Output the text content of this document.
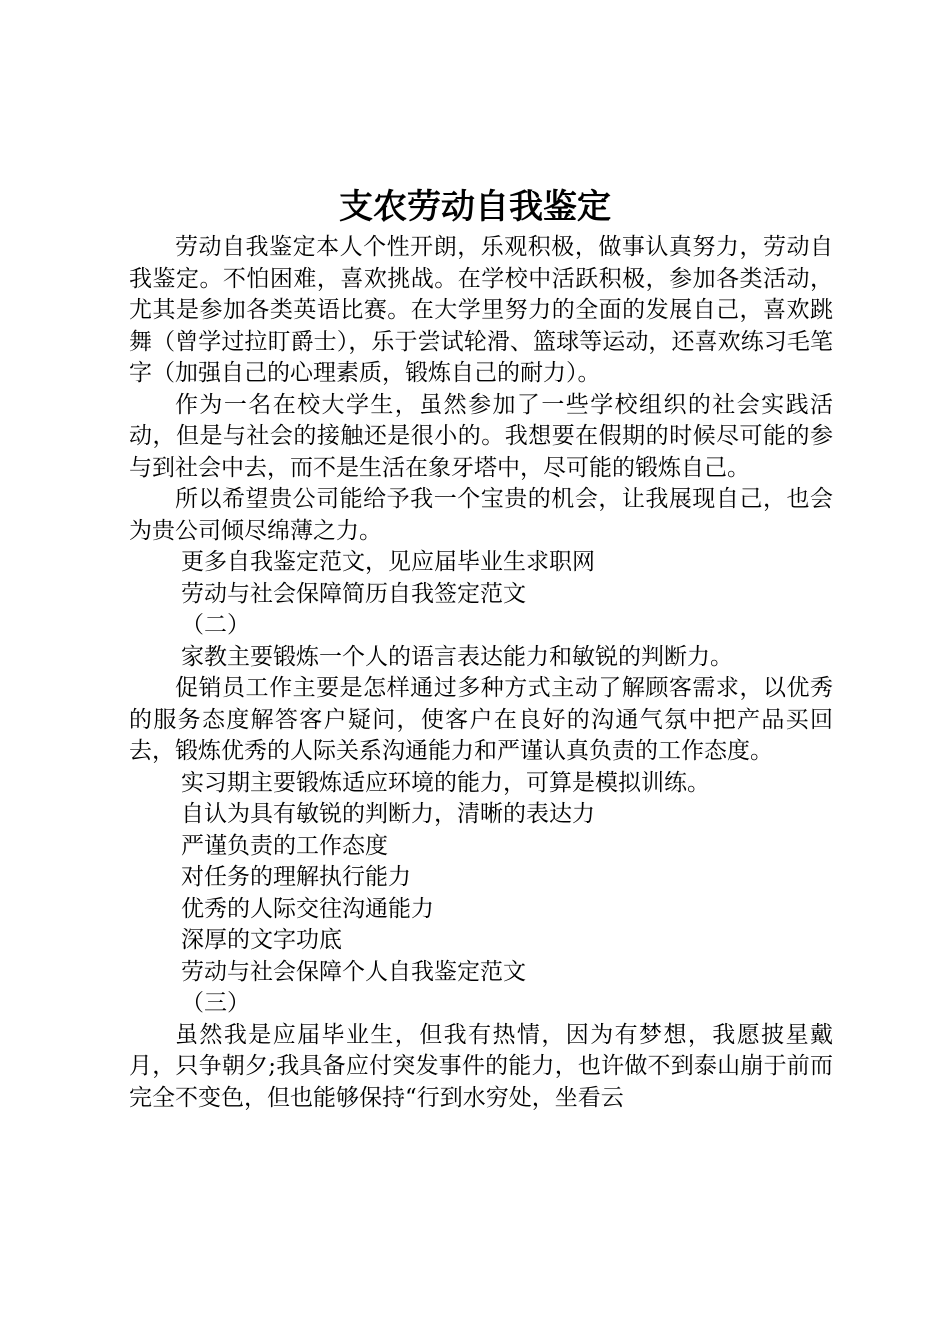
支农劳动自我鉴定

劳动自我鉴定本人个性开朗，乐观积极，做事认真努力，劳动自我鉴定。不怕困难，喜欢挑战。在学校中活跃积极，参加各类活动，尤其是参加各类英语比赛。在大学里努力的全面的发展自己，喜欢跳舞（曾学过拉盯爵士），乐于尝试轮滑、篮球等运动，还喜欢练习毛笔字（加强自己的心理素质，锻炼自己的耐力）。

作为一名在校大学生，虽然参加了一些学校组织的社会实践活动，但是与社会的接触还是很小的。我想要在假期的时候尽可能的参与到社会中去，而不是生活在象牙塔中，尽可能的锻炼自己。

所以希望贵公司能给予我一个宝贵的机会，让我展现自己，也会为贵公司倾尽绵薄之力。

更多自我鉴定范文，见应届毕业生求职网

劳动与社会保障简历自我签定范文

（二）

家教主要锻炼一个人的语言表达能力和敏锐的判断力。

促销员工作主要是怎样通过多种方式主动了解顾客需求，以优秀的服务态度解答客户疑问，使客户在良好的沟通气氛中把产品买回去，锻炼优秀的人际关系沟通能力和严谨认真负责的工作态度。

实习期主要锻炼适应环境的能力，可算是模拟训练。

自认为具有敏锐的判断力，清晰的表达力

严谨负责的工作态度

对任务的理解执行能力

优秀的人际交往沟通能力

深厚的文字功底

劳动与社会保障个人自我鉴定范文

（三）

虽然我是应届毕业生，但我有热情，因为有梦想，我愿披星戴月，只争朝夕;我具备应付突发事件的能力，也许做不到泰山崩于前而完全不变色，但也能够保持“行到水穷处，坐看云
